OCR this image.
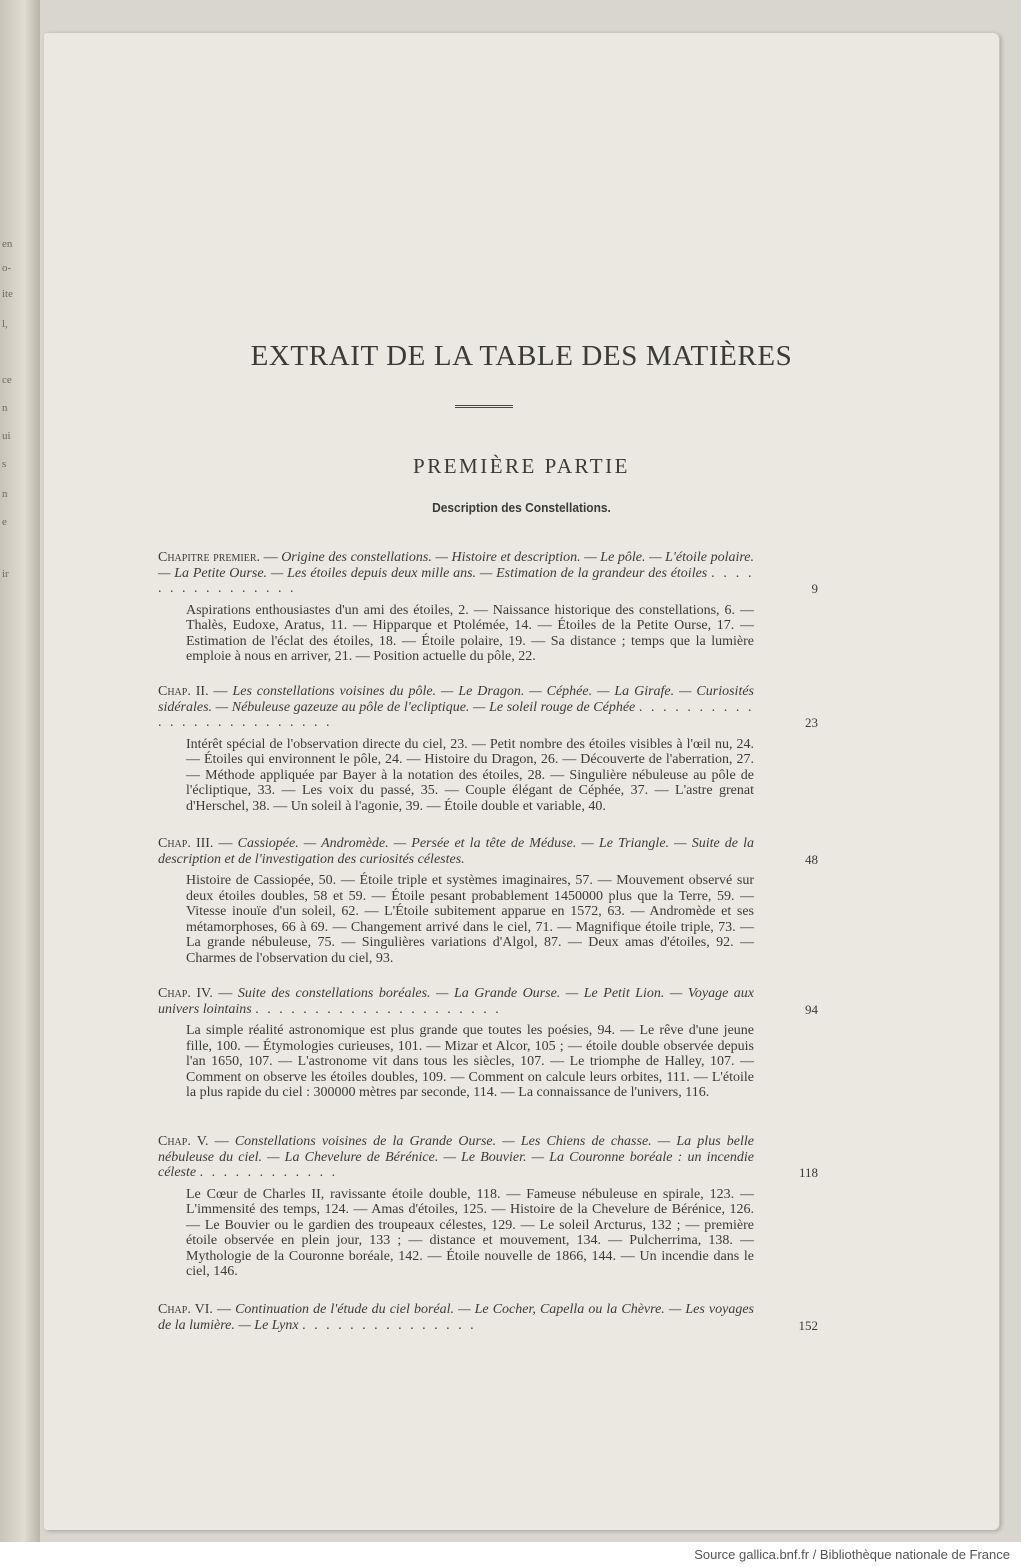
en
o-
ite
l,
ce
n
ui
s
n
e
ir
EXTRAIT DE LA TABLE DES MATIÈRES
PREMIÈRE PARTIE
Description des Constellations.
Chapitre premier. — Origine des constellations. — Histoire et description. — Le pôle. — L'étoile polaire. — La Petite Ourse. — Les étoiles depuis deux mille ans. — Estimation de la grandeur des étoiles . . . . . . . . . . . . . . . .	9
Aspirations enthousiastes d'un ami des étoiles, 2. — Naissance historique des constellations, 6. — Thalès, Eudoxe, Aratus, 11. — Hipparque et Ptolémée, 14. — Étoiles de la Petite Ourse, 17. — Estimation de l'éclat des étoiles, 18. — Étoile polaire, 19. — Sa distance ; temps que la lumière emploie à nous en arriver, 21. — Position actuelle du pôle, 22.
Chap. II. — Les constellations voisines du pôle. — Le Dragon. — Céphée. — La Girafe. — Curiosités sidérales. — Nébuleuse gazeuze au pôle de l'ecliptique. — Le soleil rouge de Céphée . . . . . . . . . . . . . . . . . . . . . . . . .	23
Intérêt spécial de l'observation directe du ciel, 23. — Petit nombre des étoiles visibles à l'œil nu, 24. — Étoiles qui environnent le pôle, 24. — Histoire du Dragon, 26. — Découverte de l'aberration, 27. — Méthode appliquée par Bayer à la notation des étoiles, 28. — Singulière nébuleuse au pôle de l'écliptique, 33. — Les voix du passé, 35. — Couple élégant de Céphée, 37. — L'astre grenat d'Herschel, 38. — Un soleil à l'agonie, 39. — Étoile double et variable, 40.
Chap. III. — Cassiopée. — Andromède. — Persée et la tête de Méduse. — Le Triangle. — Suite de la description et de l'investigation des curiosités célestes.	48
Histoire de Cassiopée, 50. — Étoile triple et systèmes imaginaires, 57. — Mouvement observé sur deux étoiles doubles, 58 et 59. — Étoile pesant probablement 1450000 plus que la Terre, 59. — Vitesse inouïe d'un soleil, 62. — L'Étoile subitement apparue en 1572, 63. — Andromède et ses métamorphoses, 66 à 69. — Changement arrivé dans le ciel, 71. — Magnifique étoile triple, 73. — La grande nébuleuse, 75. — Singulières variations d'Algol, 87. — Deux amas d'étoiles, 92. — Charmes de l'observation du ciel, 93.
Chap. IV. — Suite des constellations boréales. — La Grande Ourse. — Le Petit Lion. — Voyage aux univers lointains . . . . . . . . . . . . . . . . . . . . .	94
La simple réalité astronomique est plus grande que toutes les poésies, 94. — Le rêve d'une jeune fille, 100. — Étymologies curieuses, 101. — Mizar et Alcor, 105 ; — étoile double observée depuis l'an 1650, 107. — L'astronome vit dans tous les siècles, 107. — Le triomphe de Halley, 107. — Comment on observe les étoiles doubles, 109. — Comment on calcule leurs orbites, 111. — L'étoile la plus rapide du ciel : 300000 mètres par seconde, 114. — La connaissance de l'univers, 116.
Chap. V. — Constellations voisines de la Grande Ourse. — Les Chiens de chasse. — La plus belle nébuleuse du ciel. — La Chevelure de Bérénice. — Le Bouvier. — La Couronne boréale : un incendie céleste . . . . . . . . . . . .	118
Le Cœur de Charles II, ravissante étoile double, 118. — Fameuse nébuleuse en spirale, 123. — L'immensité des temps, 124. — Amas d'étoiles, 125. — Histoire de la Chevelure de Bérénice, 126. — Le Bouvier ou le gardien des troupeaux célestes, 129. — Le soleil Arcturus, 132 ; — première étoile observée en plein jour, 133 ; — distance et mouvement, 134. — Pulcherrima, 138. — Mythologie de la Couronne boréale, 142. — Étoile nouvelle de 1866, 144. — Un incendie dans le ciel, 146.
Chap. VI. — Continuation de l'étude du ciel boréal. — Le Cocher, Capella ou la Chèvre. — Les voyages de la lumière. — Le Lynx . . . . . . . . . . . . . . .	152
Source gallica.bnf.fr / Bibliothèque nationale de France
